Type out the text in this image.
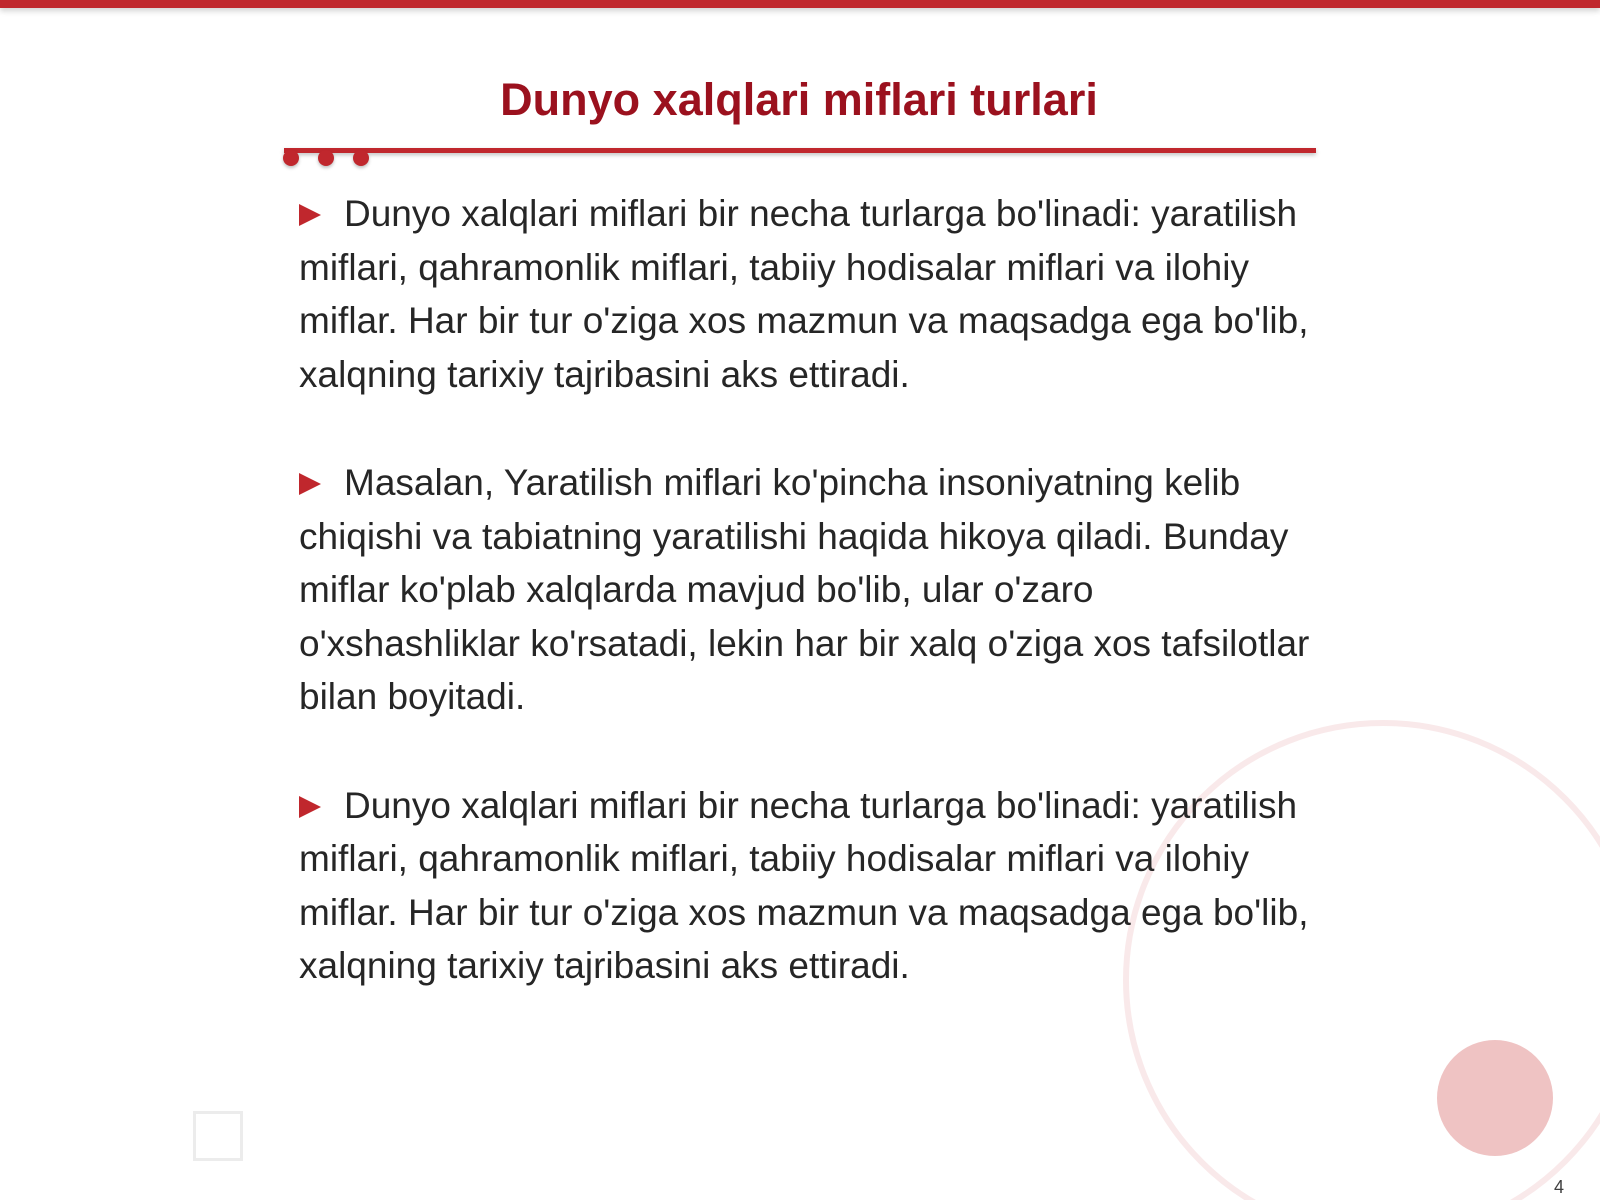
Dunyo xalqlari miflari turlari

Dunyo xalqlari miflari bir necha turlarga bo'linadi: yaratilish miflari, qahramonlik miflari, tabiiy hodisalar miflari va ilohiy miflar. Har bir tur o'ziga xos mazmun va maqsadga ega bo'lib, xalqning tarixiy tajribasini aks ettiradi.

Masalan, Yaratilish miflari ko'pincha insoniyatning kelib chiqishi va tabiatning yaratilishi haqida hikoya qiladi. Bunday miflar ko'plab xalqlarda mavjud bo'lib, ular o'zaro o'xshashliklar ko'rsatadi, lekin har bir xalq o'ziga xos tafsilotlar bilan boyitadi.

Dunyo xalqlari miflari bir necha turlarga bo'linadi: yaratilish miflari, qahramonlik miflari, tabiiy hodisalar miflari va ilohiy miflar. Har bir tur o'ziga xos mazmun va maqsadga ega bo'lib, xalqning tarixiy tajribasini aks ettiradi.

4
